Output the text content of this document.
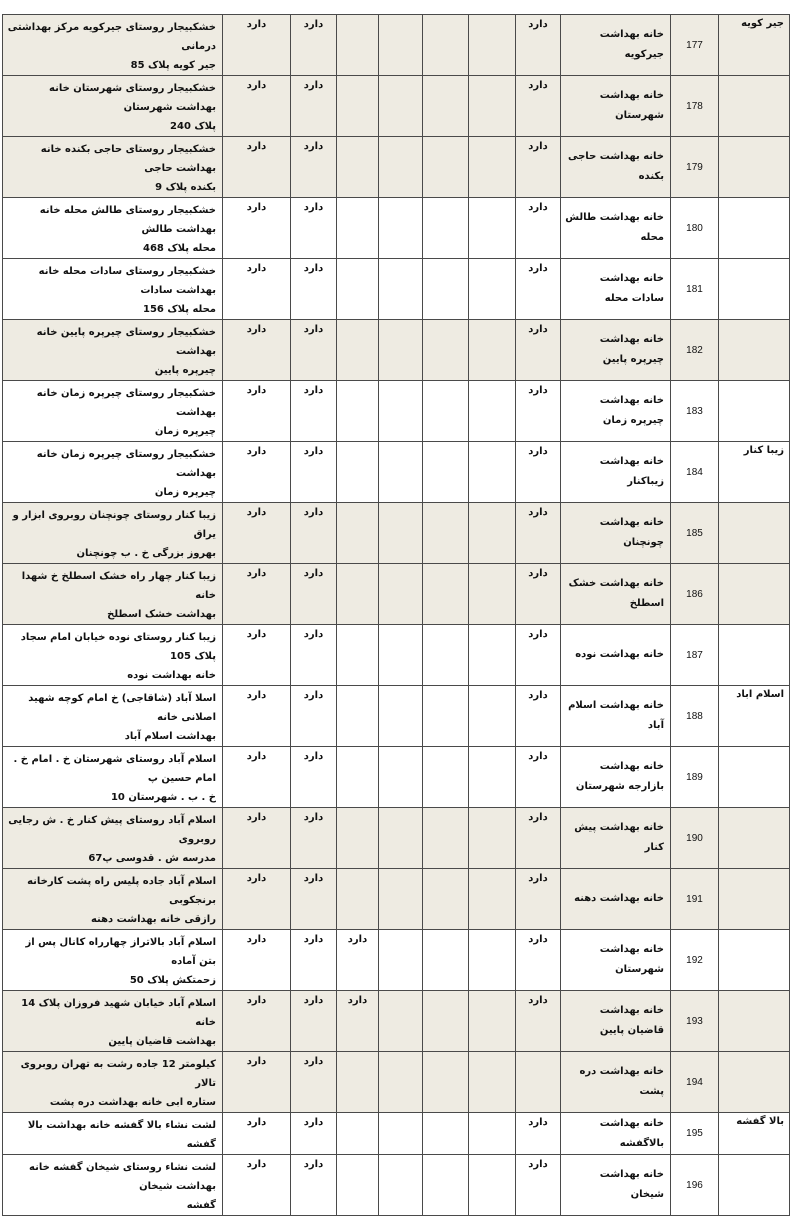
خشکبیجار روستای جیرکویه مرکز بهداشتی درمانی
جیر کویه پلاک 85	دارد	دارد					دارد	خانه بهداشت جیرکویه	177	جیر کویه

خشکبیجار روستای شهرستان خانه بهداشت شهرستان
پلاک 240	دارد	دارد					دارد	خانه بهداشت شهرستان	178	

خشکبیجار روستای حاجی بکنده خانه بهداشت حاجی
بکنده پلاک 9	دارد	دارد					دارد	خانه بهداشت حاجی بکنده	179	

خشکبیجار روستای طالش محله خانه بهداشت طالش
محله پلاک 468	دارد	دارد					دارد	خانه بهداشت طالش محله	180	

خشکبیجار روستای سادات محله خانه بهداشت سادات
محله پلاک 156	دارد	دارد					دارد	خانه بهداشت سادات محله	181	

خشکبیجار روستای چیرپره پایین خانه بهداشت
چیرپره پایین	دارد	دارد					دارد	خانه بهداشت چیرپره پایین	182	

خشکبیجار روستای چیرپره زمان خانه بهداشت
چیرپره زمان	دارد	دارد					دارد	خانه بهداشت چیرپره زمان	183	

خشکبیجار روستای چیرپره زمان خانه بهداشت
چیرپره زمان	دارد	دارد					دارد	خانه بهداشت زیباکنار	184	زیبا کنار

زیبا کنار روستای چونچنان روبروی ابزار و یراق
بهروز بزرگی خ . ب چونچنان	دارد	دارد					دارد	خانه بهداشت چونچنان	185	

زیبا کنار چهار راه خشک اسطلخ خ شهدا خانه
بهداشت خشک اسطلخ	دارد	دارد					دارد	خانه بهداشت خشک اسطلخ	186	

زیبا کنار روستای نوده خیابان امام سجاد پلاک 105
خانه بهداشت نوده	دارد	دارد					دارد	خانه بهداشت نوده	187	

اسلا آباد (شاقاجی) خ امام کوچه شهید اصلانی خانه
بهداشت اسلام آباد	دارد	دارد					دارد	خانه بهداشت اسلام آباد	188	اسلام اباد

اسلام آباد روستای شهرستان خ . امام خ . امام حسین پ
10 خ . ب . شهرستان	دارد	دارد					دارد	خانه بهداشت بازارجه شهرستان	189	

اسلام آباد روستای پیش کنار خ . ش رجایی روبروی
مدرسه ش . قدوسی پ67	دارد	دارد					دارد	خانه بهداشت پیش کنار	190	

اسلام آباد جاده پلیس راه پشت کارخانه برنجکوبی
رازقی خانه بهداشت دهنه	دارد	دارد					دارد	خانه بهداشت دهنه	191	

اسلام آباد بالاتراز چهارراه کانال پس از بتن آماده
زحمتکش پلاک 50	دارد	دارد	دارد				دارد	خانه بهداشت شهرستان	192	

اسلام آباد خیابان شهید فروزان پلاک 14 خانه
بهداشت قاضیان پایین	دارد	دارد	دارد				دارد	خانه بهداشت قاضیان پایین	193	

کیلومتر 12 جاده رشت به تهران روبروی تالار
ستاره ابی خانه بهداشت دره پشت	دارد	دارد						خانه بهداشت دره پشت	194	

لشت نشاء بالا گفشه خانه بهداشت بالا گفشه	دارد	دارد					دارد	خانه بهداشت بالاگفشه	195	بالا گفشه

لشت نشاء روستای شیخان گفشه خانه بهداشت شیخان
گفشه	دارد	دارد					دارد	خانه بهداشت شیخان	196	
